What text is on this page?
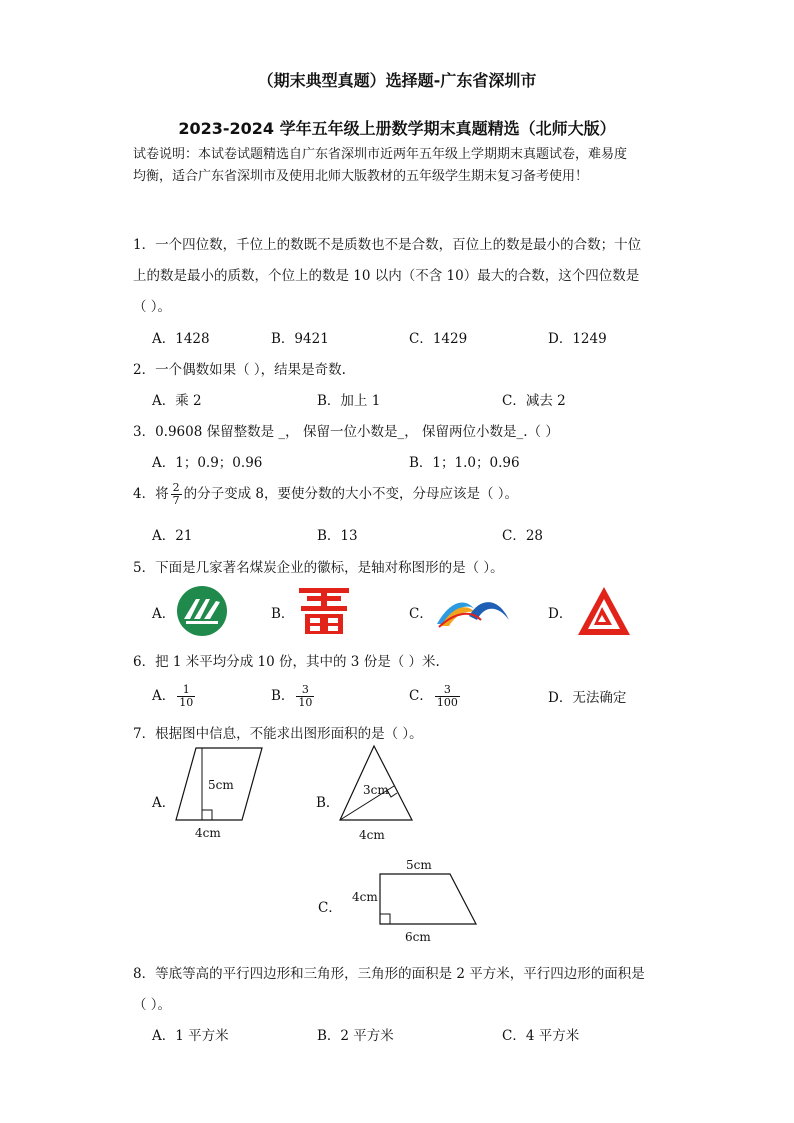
（期末典型真题）选择题-广东省深圳市
2023-2024 学年五年级上册数学期末真题精选（北师大版）
试卷说明：本试卷试题精选自广东省深圳市近两年五年级上学期期末真题试卷，难易度
均衡，适合广东省深圳市及使用北师大版教材的五年级学生期末复习备考使用！
1．一个四位数，千位上的数既不是质数也不是合数，百位上的数是最小的合数；十位
上的数是最小的质数，个位上的数是 10 以内（不含 10）最大的合数，这个四位数是
（ ）。
A．1428	B．9421	C．1429	D．1249
2．一个偶数如果（ ），结果是奇数.
A．乘 2	B．加上 1	C．减去 2
3．0.9608 保留整数是 _， 保留一位小数是_， 保留两位小数是_.（ ）
A．1；0.9；0.96	B．1；1.0；0.96
4．将 $\frac{2}{7}$ 的分子变成 8，要使分数的大小不变，分母应该是（ ）。
A．21	B．13	C．28
5．下面是几家著名煤炭企业的徽标，是轴对称图形的是（ ）。
A．	B．	C．	D．
6．把 1 米平均分成 10 份，其中的 3 份是（ ）米.
A． $\frac{1}{10}$	B． $\frac{3}{10}$	C． $\frac{3}{100}$	D．无法确定
7．根据图中信息，不能求出图形面积的是（ ）。
A．
5cm
4cm
B．
3cm
4cm
C．
5cm
4cm
6cm
8．等底等高的平行四边形和三角形，三角形的面积是 2 平方米，平行四边形的面积是
（ ）。
A．1 平方米	B．2 平方米	C．4 平方米
